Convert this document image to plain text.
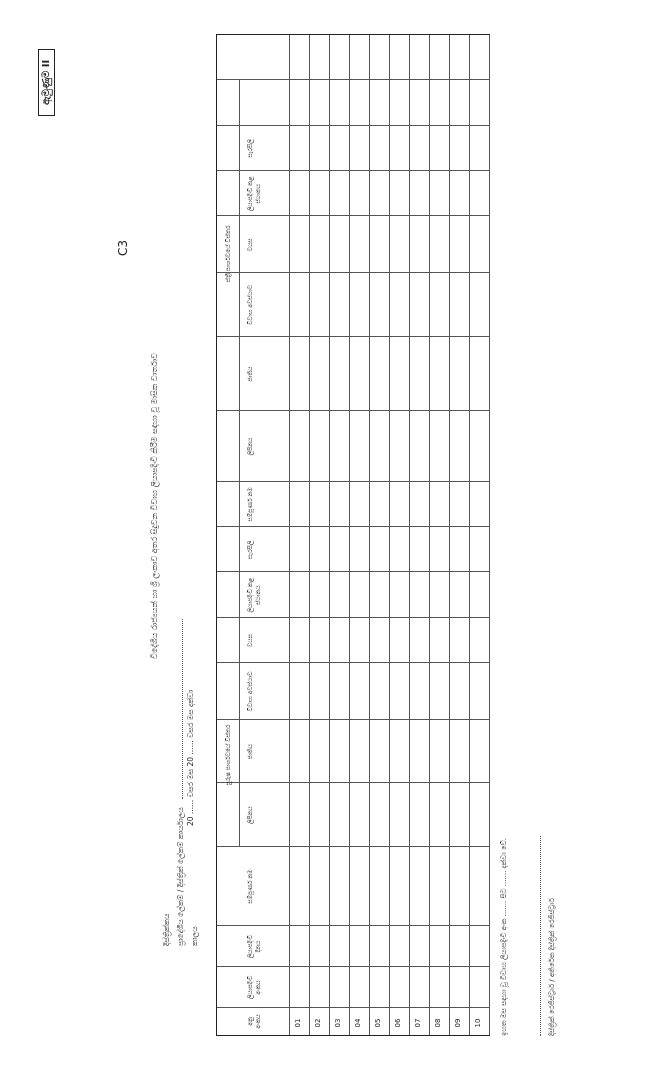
ඇමුණුම II
C3
විදේශීය රාජ්‍යයන් හා ශ්‍රී ලංකාව අතර සිදුවන විවාහ ලියාපදිංචි කිරීම සඳහා වූ මාසික වාර්තාව
දිස්ත්‍රික්කය ප්‍රාදේශීය ලේකම් / දිස්ත්‍රික් ලේකම් කාර්යාලය කාලය
20 ...... වසර මස 20 ...... වසර මස දක්වා
01 02 03 04 05 06 07 08 09 10
අනු අංකය
ලියාපදිංචි අංකය
ලියාපදිංචි දිනය
සම්පූර්ණ නම
ලිපිනය
ජාතිය
විවාහ අවස්ථාව
වයස
ලියාපදිංචි කළ ස්ථානය
සැරසිලි
සම්පූර්ණ නම
ලිපිනය
ජාතිය
විවාහ අවස්ථාව
වයස
ලියාපදිංචි කළ ස්ථානය
සැරසිලි
පුරුෂ පාර්ශවයේ විස්තර
ස්ත්‍රී පාර්ශවයේ විස්තර
ඉහත මස සඳහා වූ විවාහ ලියාපදිංචි අංක ....... සිට ....... දක්වා වේ.	දිස්ත්‍රික් රෙජිස්ට්‍රාර් / අතිරේක දිස්ත්‍රික් රෙජිස්ට්‍රාර්
